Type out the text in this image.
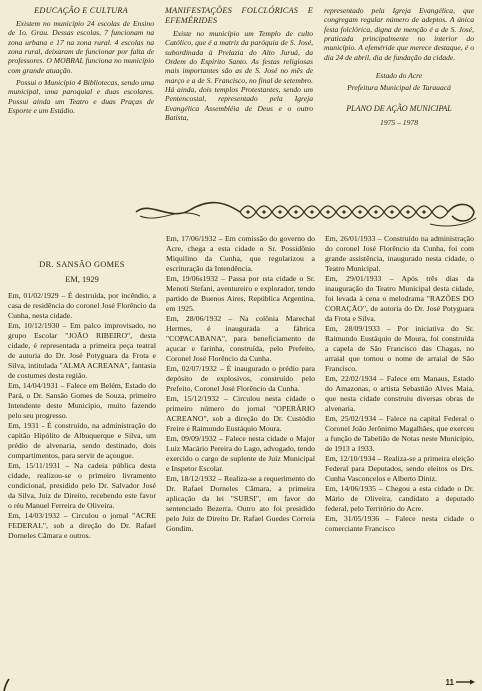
EDUCAÇÃO E CULTURA

Existem no município 24 escolas de Ensino de 1o. Grau. Dessas escolas, 7 funcionam na zona urbana e 17 na zona rural. 4 escolas na zona rural, deixaram de funcionar por falta de professores. O MOBRAL funciona no município com grande atuação.

Possui o Município 4 Bibliotecas, sendo uma municipal, uma paroquial e duas escolares. Possui ainda um Teatro e duas Praças de Esporte e um Estádio.

MANIFESTAÇÕES FOLCLÓRICAS E EFEMÉRIDES

Existe no município um Templo de culto Católico, que é a matriz da paróquia de S. José, subordinada à Prelazia do Alto Juruá, da Ordem do Espírito Santo. As festas religiosas mais importantes são as de S. José no mês de março e a de S. Francisco, no final de setembro. Há ainda, dois templos Protestantes, sendo um Pentencostal, representado pela Igreja Evangélica Assembléia de Deus e o outro Batista,

representado pela Igreja Evangélica, que congregam regular número de adeptos. A única festa folclórica, digna de menção é a de S. José, praticada principalmente no interior do município. A efeméride que merece destaque, é o dia 24 de abril, dia de fundação da cidade.

Estado do Acre

Prefeitura Municipal de Tarauacá

PLANO DE AÇÃO MUNICIPAL

1975 – 1978

DR. SANSÃO GOMES

EM, 1929

Em, 01/02/1929 – É destruída, por incêndio, a casa de residência do coronel José Florêncio da Cunha, nesta cidade.

Em, 10/12/1930 – Em palco improvisado, no grupo Escolar "JOÃO RIBEIRO", desta cidade, é representada a primeira peça teatral de autoria do Dr. José Potyguara da Frota e Silva, intitulada "ALMA ACREANA", fantasia de costumes desta região.

Em, 14/04/1931 – Falece em Belém, Estado do Pará, o Dr. Sansão Gomes de Souza, primeiro Intendente deste Município, muito fazendo pelo seu progresso.

Em, 1931 - É construído, na administração do capitão Hipólito de Albuquerque e Silva, um prédio de alvenaria, sendo destinado, dois compartimentos, para servir de açougue.

Em, 15/11/1931 – Na cadeia pública desta cidade, realizou-se o primeiro livramento condicional, presidido pelo Dr. Salvador José da Silva, Juiz de Direito, recebendo este favor o réu Manuel Ferreira de Oliveira.

Em, 14/03/1932 – Circulou o jornal "ACRE FEDERAL", sob a direção do Dr. Rafael Dorneles Câmara e outros.

Em, 17/06/1932 – Em comissão do governo do Acre, chega a esta cidade o Sr. Possidônio Miquilino da Cunha, que regularizou a escrituração da Intendência.

Em, 19/06s1932 – Passa por ısta cidade o Sr. Menoti Stefani, aventureiro e explorador, tendo partido de Buenos Aires, República Argentina, em 1925.

Em, 28/06/1932 – Na colônia Marechal Hermes, é inaugurada a fábrica "COPACABANA", para beneficiamento de açucar e farinha, construída, pelo Prefeito, Coronel José Florêncio da Cunha.

Em, 02/07/1932 – É inaugurado o prédio para depósito de explosivos, construído pelo Prefeito, Coronel José Florêncio da Cunha.

Em, 15/12/1932 – Circulou nesta cidade o primeiro número do jornal "OPERÁRIO ACREANO", sob a direção do Dr. Custódio Freire e Raimundo Eustáquio Moura.

Em, 09/09/1932 – Falece nesta cidade o Major Luiz Macário Pereira do Lago, advogado, tendo exercido o cargo de suplente de Juiz Municipal e Inspetor Escolar.

Em, 18/12/1932 – Realiza-se a requerimento do Dr. Rafael Dorneles Câmara, a primeira aplicação da lei "SURSI", em favor do sentenciado Bezerra. Outro ato foi presidido pelo Juiz de Direito Dr. Rafael Guedes Correia Gondim.

Em, 26/01/1933 – Construído na administração do coronel José Florêncio da Cunha, foi com grande assistência, inaugurado nesta cidade, o Teatro Municipal.

Em, 29/01/1933 – Após três dias da inauguração do Teatro Municipal desta cidade, foi levada à cena o melodrama "RAZÕES DO CORAÇÃO", de autoria do Dr. José Potyguara da Frota e Silva.

Em, 28/09/1933 – Por iniciativa do Sr. Raimundo Eustáquio de Moura, foi construída a capela de São Francisco das Chagas, no arraial que tomou o nome de arraial de São Francisco.

Em, 22/02/1934 – Falece em Manaus, Estado do Amazonas, o artista Sebastião Alves Maia, que nesta cidade construiu diversas obras de alvenaria.

Em, 25/02/1934 – Falece na capital Federal o Coronel João Jerônimo Magalhães, que exerceu a função de Tabelião de Notas neste Município, de 1913 a 1933.

Em, 12/10/1934 – Realiza-se a primeira eleição Federal para Deputados, sendo eleitos os Drs. Cunha Vasconcelos e Alberto Diniz.

Em, 14/06/1935 – Chegou a esta cidade o Dr. Mário de Oliveira, candidato a deputado federal, pelo Território do Acre.

Em, 31/05/1936 – Falece nesta cidade o comerciante Francisco

11
